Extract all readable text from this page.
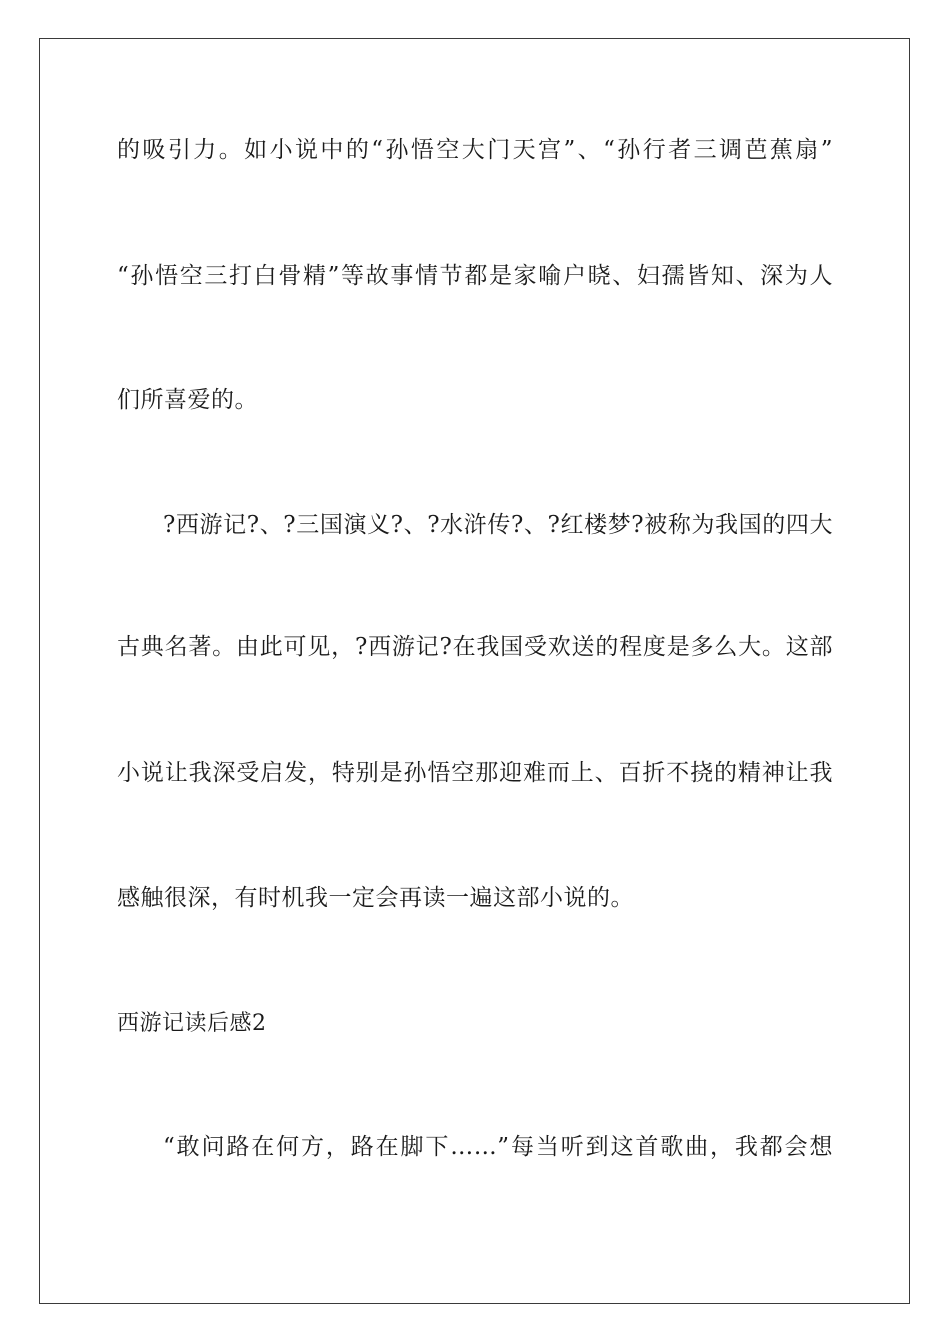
的吸引力。如小说中的“孙悟空大门天宫”、“孙行者三调芭蕉扇”
“孙悟空三打白骨精”等故事情节都是家喻户晓、妇孺皆知、深为人
们所喜爱的。
?西游记?、?三国演义?、?水浒传?、?红楼梦?被称为我国的四大
古典名著。由此可见，?西游记?在我国受欢送的程度是多么大。这部
小说让我深受启发，特别是孙悟空那迎难而上、百折不挠的精神让我
感触很深，有时机我一定会再读一遍这部小说的。
西游记读后感2
“敢问路在何方，路在脚下……”每当听到这首歌曲，我都会想
